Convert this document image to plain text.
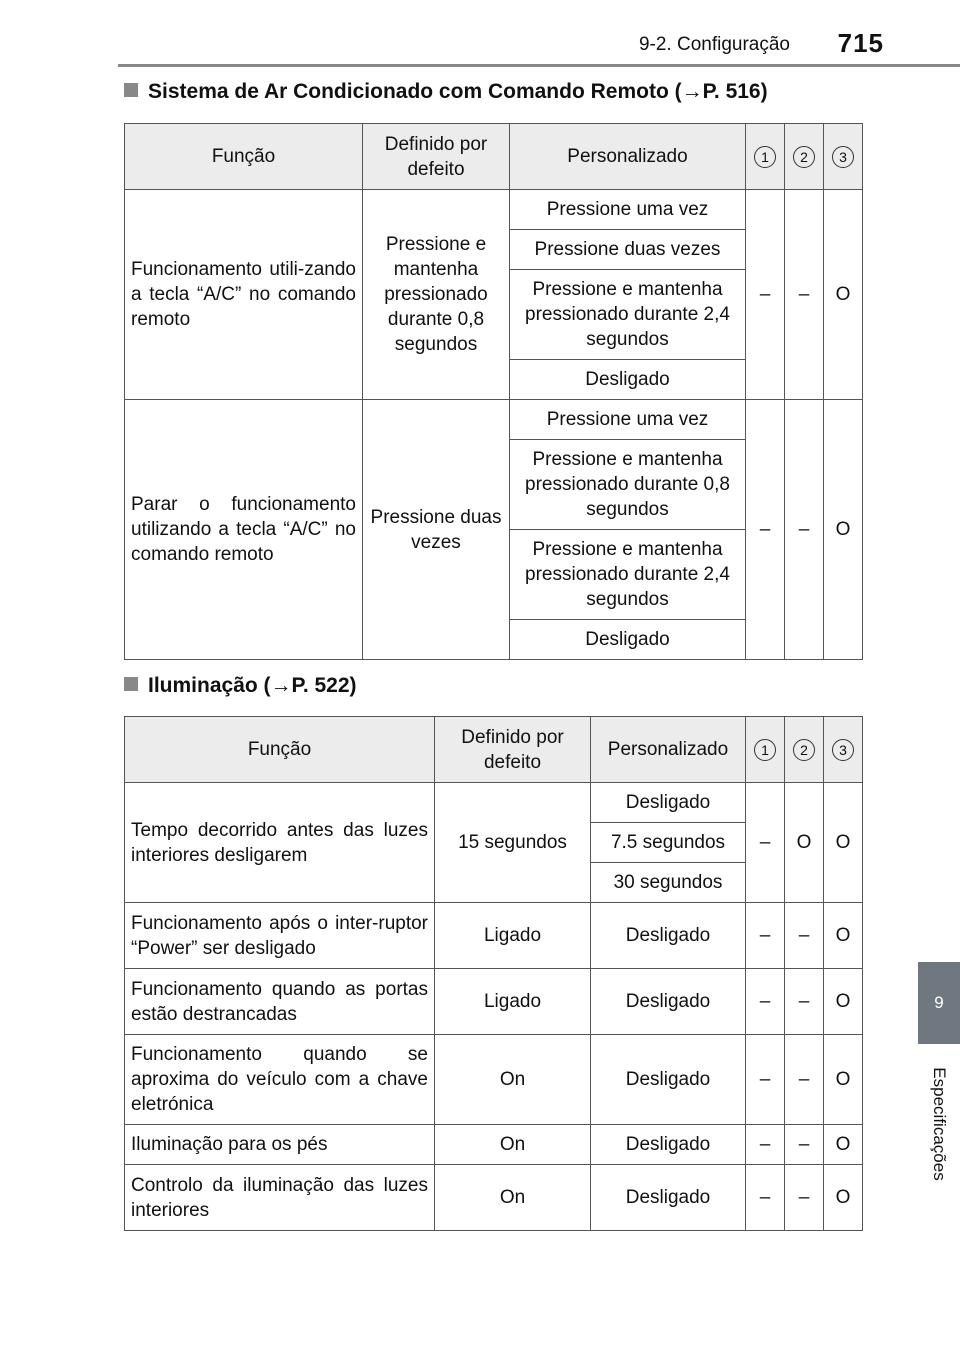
9-2. Configuração 715
9
Especificações
Sistema de Ar Condicionado com Comando Remoto (→P. 516)
Função	Definido por defeito	Personalizado	1	2	3
Funcionamento utili-zando a tecla “A/C” no comando remoto	Pressione e mantenha pressionado durante 0,8 segundos	Pressione uma vez	–	–	O
		Pressione duas vezes			
		Pressione e mantenha pressionado durante 2,4 segundos			
		Desligado			
Parar o funcionamento utilizando a tecla “A/C” no comando remoto	Pressione duas vezes	Pressione uma vez	–	–	O
		Pressione e mantenha pressionado durante 0,8 segundos			
		Pressione e mantenha pressionado durante 2,4 segundos			
		Desligado			
Iluminação (→P. 522)
Função	Definido por defeito	Personalizado	1	2	3
Tempo decorrido antes das luzes interiores desligarem	15 segundos	Desligado	–	O	O
		7.5 segundos			
		30 segundos			
Funcionamento após o inter-ruptor “Power” ser desligado	Ligado	Desligado	–	–	O
Funcionamento quando as portas estão destrancadas	Ligado	Desligado	–	–	O
Funcionamento quando se aproxima do veículo com a chave eletrónica	On	Desligado	–	–	O
Iluminação para os pés	On	Desligado	–	–	O
Controlo da iluminação das luzes interiores	On	Desligado	–	–	O
